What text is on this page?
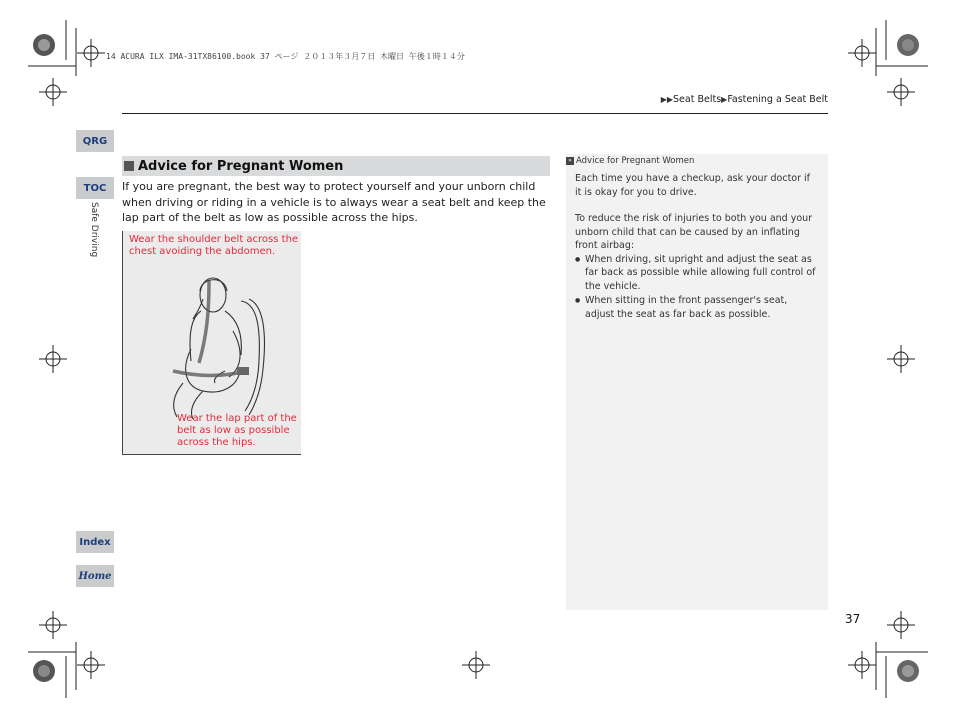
14 ACURA ILX IMA-31TX86100.book 37 ページ ２０１３年３月７日 木曜日 午後１時１４分
▶▶Seat Belts▶Fastening a Seat Belt
QRG
TOC
Index
Home
Safe Driving
Advice for Pregnant Women
If you are pregnant, the best way to protect yourself and your unborn child when driving or riding in a vehicle is to always wear a seat belt and keep the lap part of the belt as low as possible across the hips.
Wear the shoulder belt across the chest avoiding the abdomen.
Wear the lap part of the belt as low as possible across the hips.
» Advice for Pregnant Women

Each time you have a checkup, ask your doctor if it is okay for you to drive.

To reduce the risk of injuries to both you and your unborn child that can be caused by an inflating front airbag:

● When driving, sit upright and adjust the seat as far back as possible while allowing full control of the vehicle.
● When sitting in the front passenger's seat, adjust the seat as far back as possible.
37
